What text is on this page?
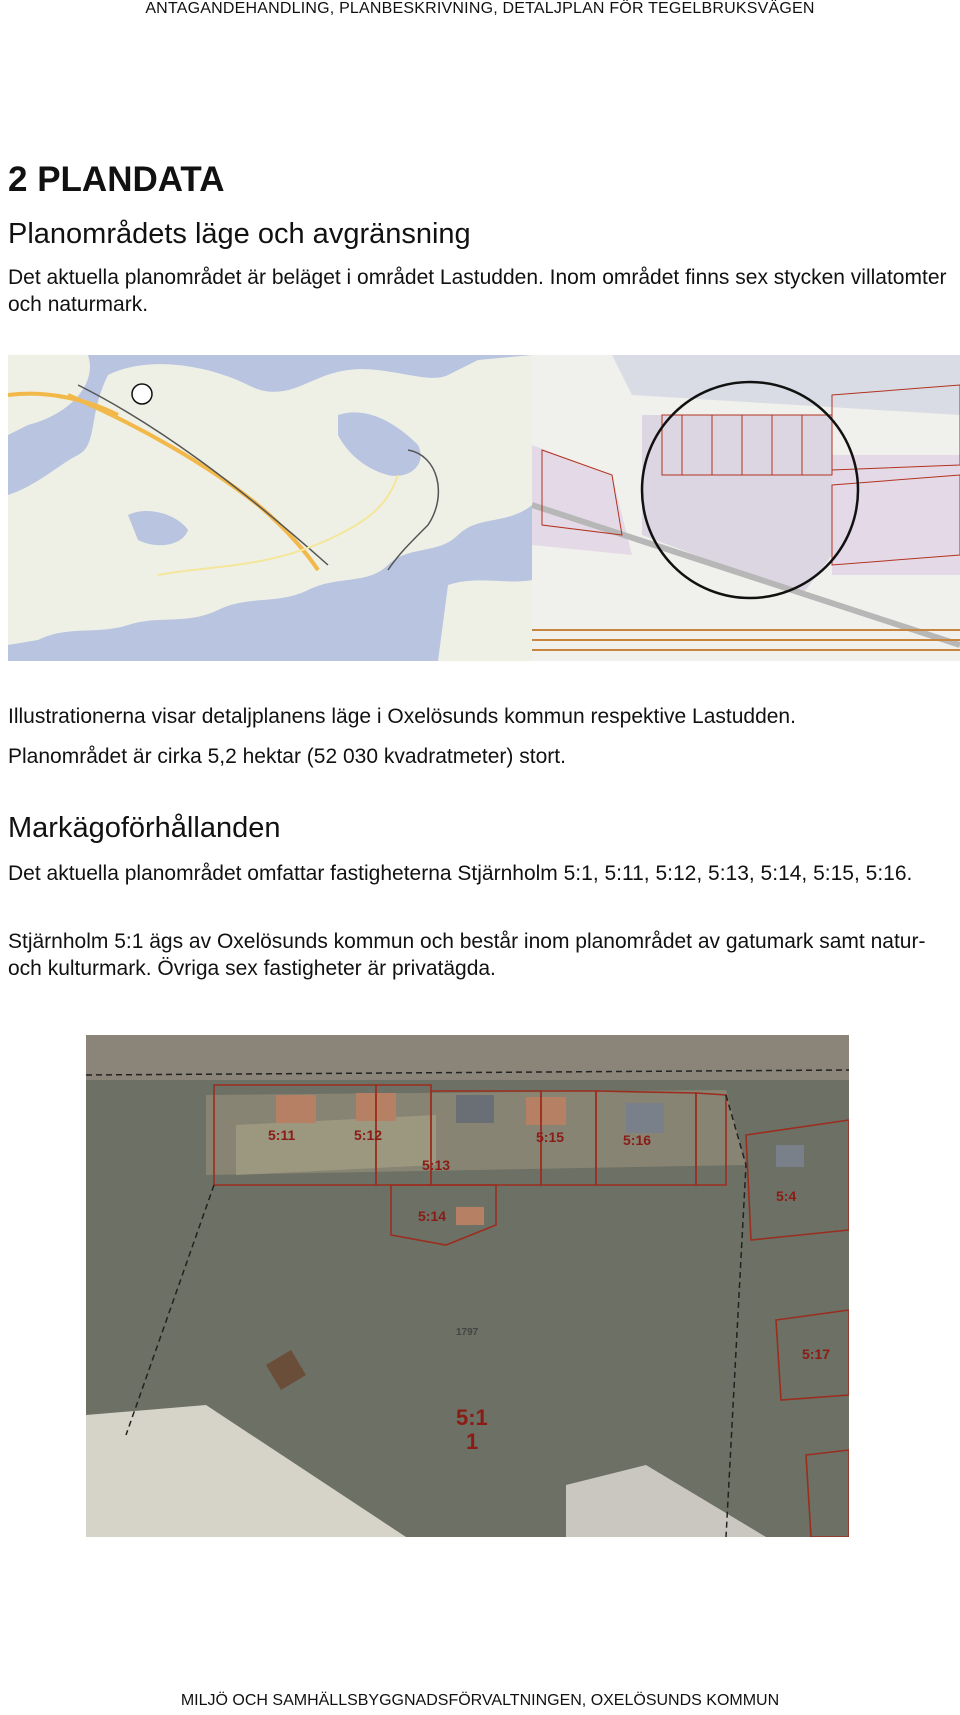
ANTAGANDEHANDLING, PLANBESKRIVNING, DETALJPLAN FÖR TEGELBRUKSVÄGEN
2 PLANDATA
Planområdets läge och avgränsning

Det aktuella planområdet är beläget i området Lastudden. Inom området finns sex stycken villatomter och naturmark.

Illustrationerna visar detaljplanens läge i Oxelösunds kommun respektive Lastudden.

Planområdet är cirka 5,2 hektar (52 030 kvadratmeter) stort.

Markägoförhållanden

Det aktuella planområdet omfattar fastigheterna Stjärnholm 5:1, 5:11, 5:12, 5:13, 5:14, 5:15, 5:16.

Stjärnholm 5:1 ägs av Oxelösunds kommun och består inom planområdet av gatumark samt natur- och kulturmark. Övriga sex fastigheter är privatägda.

5:11	5:12
5:13
5:14
5:15	5:16
5:4
5:17
1797
5:1
1
MILJÖ OCH SAMHÄLLSBYGGNADSFÖRVALTNINGEN, OXELÖSUNDS KOMMUN
